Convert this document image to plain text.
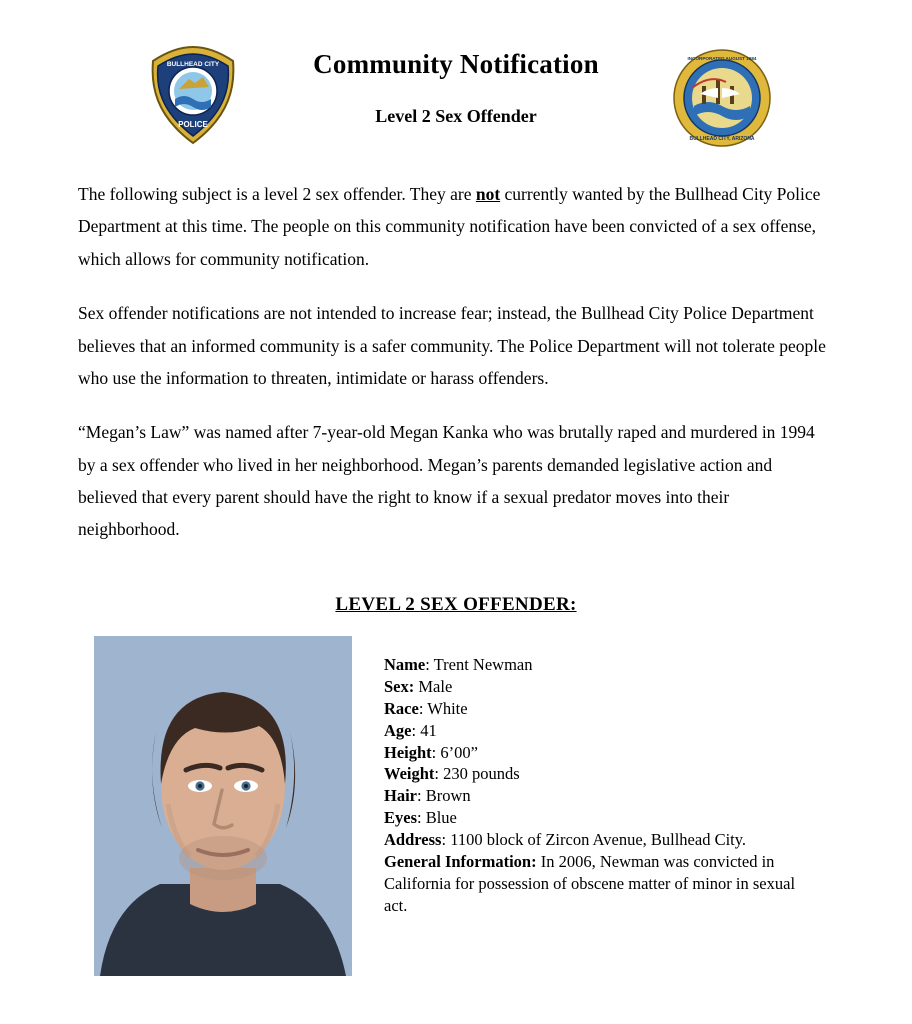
BULLHEAD CITY
POLICE
Community Notification
Level 2 Sex Offender
INCORPORATED AUGUST 1984
BULLHEAD CITY, ARIZONA

The following subject is a level 2 sex offender. They are not currently wanted by the Bullhead City Police Department at this time. The people on this community notification have been convicted of a sex offense, which allows for community notification.

Sex offender notifications are not intended to increase fear; instead, the Bullhead City Police Department believes that an informed community is a safer community. The Police Department will not tolerate people who use the information to threaten, intimidate or harass offenders.

“Megan’s Law” was named after 7-year-old Megan Kanka who was brutally raped and murdered in 1994 by a sex offender who lived in her neighborhood. Megan’s parents demanded legislative action and believed that every parent should have the right to know if a sexual predator moves into their neighborhood.

LEVEL 2 SEX OFFENDER:

Name: Trent Newman

Sex: Male

Race: White

Age: 41

Height: 6’00”

Weight: 230 pounds

Hair: Brown

Eyes: Blue

Address: 1100 block of Zircon Avenue, Bullhead City.

General Information: In 2006, Newman was convicted in California for possession of obscene matter of minor in sexual act.
